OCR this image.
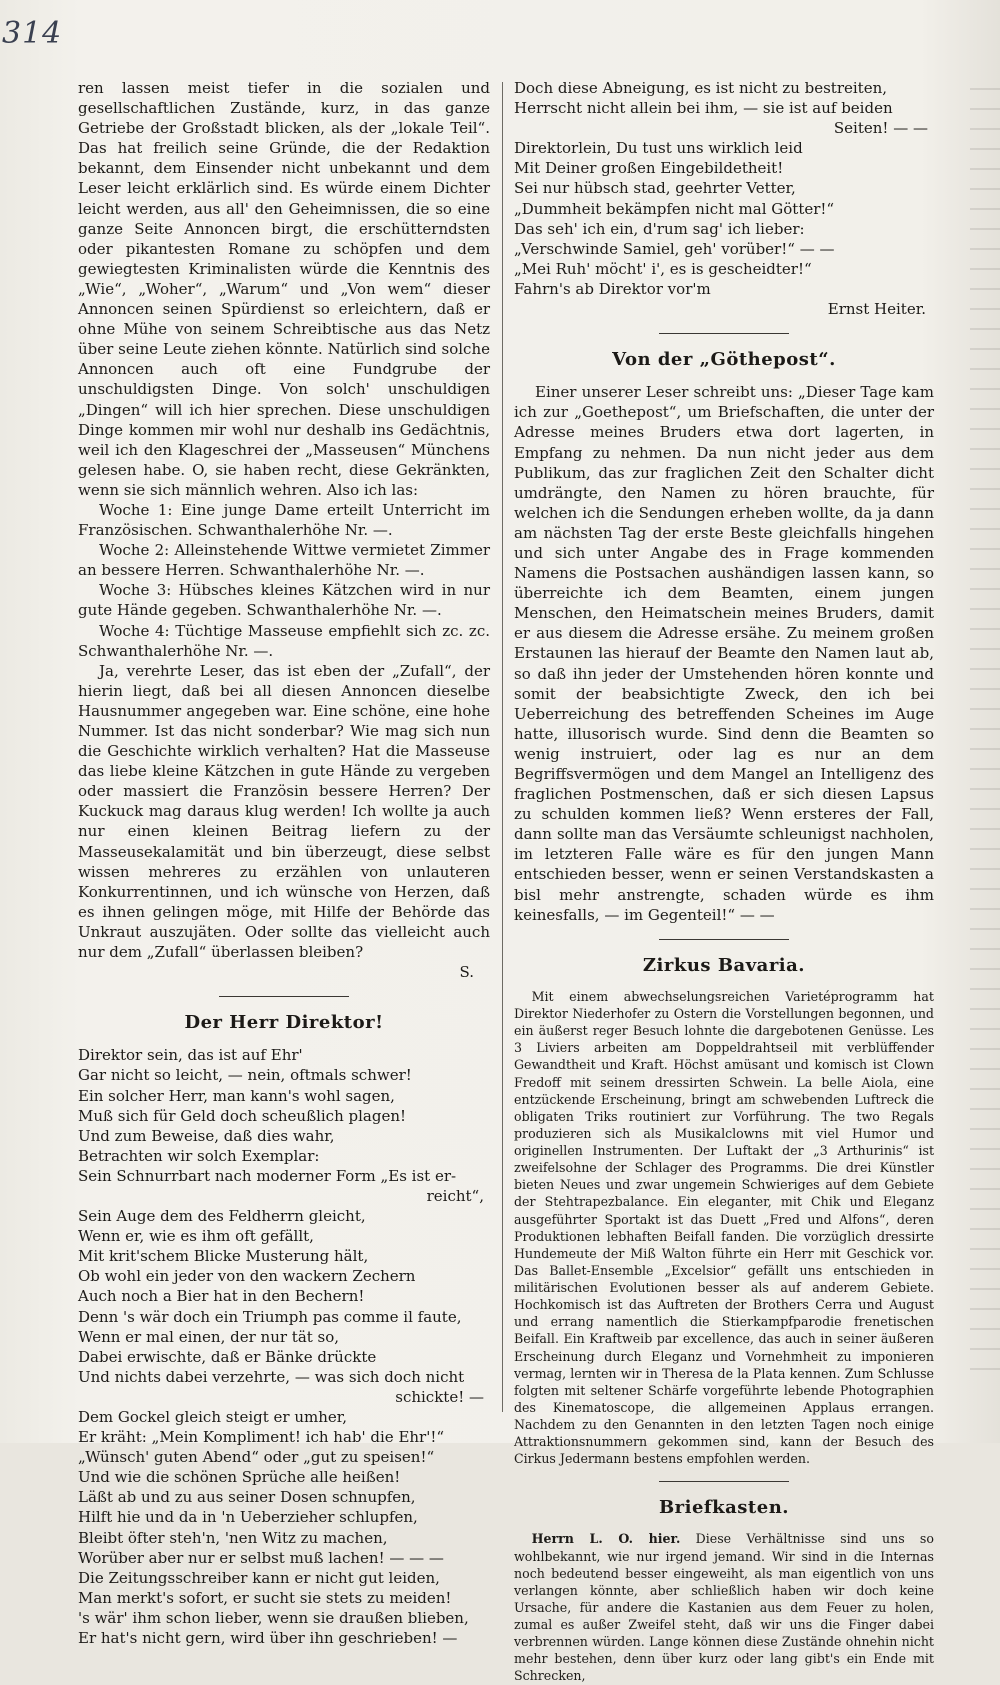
314

ren lassen meist tiefer in die sozialen und gesellschaftlichen Zustände, kurz, in das ganze Getriebe der Großstadt blicken, als der „lokale Teil“. Das hat freilich seine Gründe, die der Redaktion bekannt, dem Einsender nicht unbekannt und dem Leser leicht erklärlich sind. Es würde einem Dichter leicht werden, aus all' den Geheimnissen, die so eine ganze Seite Annoncen birgt, die erschütterndsten oder pikantesten Romane zu schöpfen und dem gewiegtesten Kriminalisten würde die Kenntnis des „Wie“, „Woher“, „Warum“ und „Von wem“ dieser Annoncen seinen Spürdienst so erleichtern, daß er ohne Mühe von seinem Schreibtische aus das Netz über seine Leute ziehen könnte. Natürlich sind solche Annoncen auch oft eine Fundgrube der unschuldigsten Dinge. Von solch' unschuldigen „Dingen“ will ich hier sprechen. Diese unschuldigen Dinge kommen mir wohl nur deshalb ins Gedächtnis, weil ich den Klageschrei der „Masseusen“ Münchens gelesen habe. O, sie haben recht, diese Gekränkten, wenn sie sich männlich wehren. Also ich las:

Woche 1: Eine junge Dame erteilt Unterricht im Französischen. Schwanthalerhöhe Nr. —.

Woche 2: Alleinstehende Wittwe vermietet Zimmer an bessere Herren. Schwanthalerhöhe Nr. —.

Woche 3: Hübsches kleines Kätzchen wird in nur gute Hände gegeben. Schwanthalerhöhe Nr. —.

Woche 4: Tüchtige Masseuse empfiehlt sich zc. zc. Schwanthalerhöhe Nr. —.

Ja, verehrte Leser, das ist eben der „Zufall“, der hierin liegt, daß bei all diesen Annoncen dieselbe Hausnummer angegeben war. Eine schöne, eine hohe Nummer. Ist das nicht sonderbar? Wie mag sich nun die Geschichte wirklich verhalten? Hat die Masseuse das liebe kleine Kätzchen in gute Hände zu vergeben oder massiert die Französin bessere Herren? Der Kuckuck mag daraus klug werden! Ich wollte ja auch nur einen kleinen Beitrag liefern zu der Masseusekalamität und bin überzeugt, diese selbst wissen mehreres zu erzählen von unlauteren Konkurrentinnen, und ich wünsche von Herzen, daß es ihnen gelingen möge, mit Hilfe der Behörde das Unkraut auszujäten. Oder sollte das vielleicht auch nur dem „Zufall“ überlassen bleiben?

S.

Der Herr Direktor!

Direktor sein, das ist auf Ehr'

Gar nicht so leicht, — nein, oftmals schwer!

Ein solcher Herr, man kann's wohl sagen,

Muß sich für Geld doch scheußlich plagen!

Und zum Beweise, daß dies wahr,

Betrachten wir solch Exemplar:

Sein Schnurrbart nach moderner Form „Es ist er-

reicht“,

Sein Auge dem des Feldherrn gleicht,

Wenn er, wie es ihm oft gefällt,

Mit krit'schem Blicke Musterung hält,

Ob wohl ein jeder von den wackern Zechern

Auch noch a Bier hat in den Bechern!

Denn 's wär doch ein Triumph pas comme il faute,

Wenn er mal einen, der nur tät so,

Dabei erwischte, daß er Bänke drückte

Und nichts dabei verzehrte, — was sich doch nicht

schickte! —

Dem Gockel gleich steigt er umher,

Er kräht: „Mein Kompliment! ich hab' die Ehr'!“

„Wünsch' guten Abend“ oder „gut zu speisen!“

Und wie die schönen Sprüche alle heißen!

Läßt ab und zu aus seiner Dosen schnupfen,

Hilft hie und da in 'n Ueberzieher schlupfen,

Bleibt öfter steh'n, 'nen Witz zu machen,

Worüber aber nur er selbst muß lachen! — — —

Die Zeitungsschreiber kann er nicht gut leiden,

Man merkt's sofort, er sucht sie stets zu meiden!

's wär' ihm schon lieber, wenn sie draußen blieben,

Er hat's nicht gern, wird über ihn geschrieben! —

Doch diese Abneigung, es ist nicht zu bestreiten,

Herrscht nicht allein bei ihm, — sie ist auf beiden

Seiten! — —

Direktorlein, Du tust uns wirklich leid

Mit Deiner großen Eingebildetheit!

Sei nur hübsch stad, geehrter Vetter,

„Dummheit bekämpfen nicht mal Götter!“

Das seh' ich ein, d'rum sag' ich lieber:

„Verschwinde Samiel, geh' vorüber!“ — —

„Mei Ruh' möcht' i', es is gescheidter!“

Fahrn's ab Direktor vor'm

Ernst Heiter.

Von der „Göthepost“.

Einer unserer Leser schreibt uns: „Dieser Tage kam ich zur „Goethepost“, um Briefschaften, die unter der Adresse meines Bruders etwa dort lagerten, in Empfang zu nehmen. Da nun nicht jeder aus dem Publikum, das zur fraglichen Zeit den Schalter dicht umdrängte, den Namen zu hören brauchte, für welchen ich die Sendungen erheben wollte, da ja dann am nächsten Tag der erste Beste gleichfalls hingehen und sich unter Angabe des in Frage kommenden Namens die Postsachen aushändigen lassen kann, so überreichte ich dem Beamten, einem jungen Menschen, den Heimatschein meines Bruders, damit er aus diesem die Adresse ersähe. Zu meinem großen Erstaunen las hierauf der Beamte den Namen laut ab, so daß ihn jeder der Umstehenden hören konnte und somit der beabsichtigte Zweck, den ich bei Ueberreichung des betreffenden Scheines im Auge hatte, illusorisch wurde. Sind denn die Beamten so wenig instruiert, oder lag es nur an dem Begriffsvermögen und dem Mangel an Intelligenz des fraglichen Postmenschen, daß er sich diesen Lapsus zu schulden kommen ließ? Wenn ersteres der Fall, dann sollte man das Versäumte schleunigst nachholen, im letzteren Falle wäre es für den jungen Mann entschieden besser, wenn er seinen Verstandskasten a bisl mehr anstrengte, schaden würde es ihm keinesfalls, — im Gegenteil!“ — —

Zirkus Bavaria.

Mit einem abwechselungsreichen Varietéprogramm hat Direktor Niederhofer zu Ostern die Vorstellungen begonnen, und ein äußerst reger Besuch lohnte die dargebotenen Genüsse. Les 3 Liviers arbeiten am Doppeldrahtseil mit verblüffender Gewandtheit und Kraft. Höchst amüsant und komisch ist Clown Fredoff mit seinem dressirten Schwein. La belle Aiola, eine entzückende Erscheinung, bringt am schwebenden Luftreck die obligaten Triks routiniert zur Vorführung. The two Regals produzieren sich als Musikalclowns mit viel Humor und originellen Instrumenten. Der Luftakt der „3 Arthurinis“ ist zweifelsohne der Schlager des Programms. Die drei Künstler bieten Neues und zwar ungemein Schwieriges auf dem Gebiete der Stehtrapezbalance. Ein eleganter, mit Chik und Eleganz ausgeführter Sportakt ist das Duett „Fred und Alfons“, deren Produktionen lebhaften Beifall fanden. Die vorzüglich dressirte Hundemeute der Miß Walton führte ein Herr mit Geschick vor. Das Ballet-Ensemble „Excelsior“ gefällt uns entschieden in militärischen Evolutionen besser als auf anderem Gebiete. Hochkomisch ist das Auftreten der Brothers Cerra und August und errang namentlich die Stierkampfparodie frenetischen Beifall. Ein Kraftweib par excellence, das auch in seiner äußeren Erscheinung durch Eleganz und Vornehmheit zu imponieren vermag, lernten wir in Theresa de la Plata kennen. Zum Schlusse folgten mit seltener Schärfe vorgeführte lebende Photographien des Kinematoscope, die allgemeinen Applaus errangen. Nachdem zu den Genannten in den letzten Tagen noch einige Attraktionsnummern gekommen sind, kann der Besuch des Cirkus Jedermann bestens empfohlen werden.

Briefkasten.

Herrn L. O. hier. Diese Verhältnisse sind uns so wohlbekannt, wie nur irgend jemand. Wir sind in die Internas noch bedeutend besser eingeweiht, als man eigentlich von uns verlangen könnte, aber schließlich haben wir doch keine Ursache, für andere die Kastanien aus dem Feuer zu holen, zumal es außer Zweifel steht, daß wir uns die Finger dabei verbrennen würden. Lange können diese Zustände ohnehin nicht mehr bestehen, denn über kurz oder lang gibt's ein Ende mit Schrecken,
